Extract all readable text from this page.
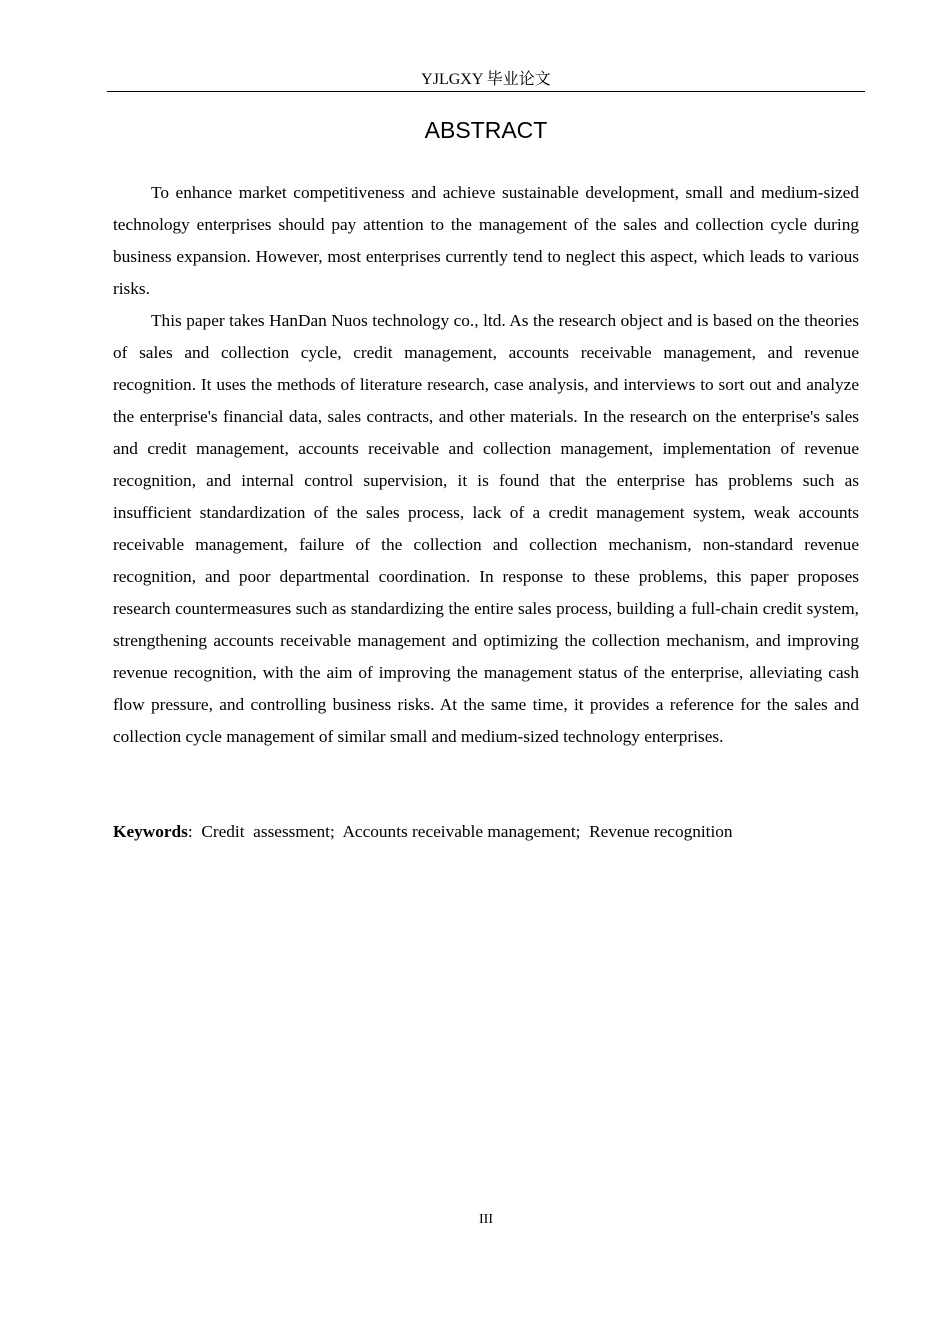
YJLGXY 毕业论文
ABSTRACT

To enhance market competitiveness and achieve sustainable development, small and medium-sized technology enterprises should pay attention to the management of the sales and collection cycle during business expansion. However, most enterprises currently tend to neglect this aspect, which leads to various risks.

This paper takes HanDan Nuos technology co., ltd. As the research object and is based on the theories of sales and collection cycle, credit management, accounts receivable management, and revenue recognition. It uses the methods of literature research, case analysis, and interviews to sort out and analyze the enterprise's financial data, sales contracts, and other materials. In the research on the enterprise's sales and credit management, accounts receivable and collection management, implementation of revenue recognition, and internal control supervision, it is found that the enterprise has problems such as insufficient standardization of the sales process, lack of a credit management system, weak accounts receivable management, failure of the collection and collection mechanism, non-standard revenue recognition, and poor departmental coordination. In response to these problems, this paper proposes research countermeasures such as standardizing the entire sales process, building a full-chain credit system, strengthening accounts receivable management and optimizing the collection mechanism, and improving revenue recognition, with the aim of improving the management status of the enterprise, alleviating cash flow pressure, and controlling business risks. At the same time, it provides a reference for the sales and collection cycle management of similar small and medium-sized technology enterprises.

Keywords:  Credit  assessment;  Accounts receivable management;  Revenue recognition
III
